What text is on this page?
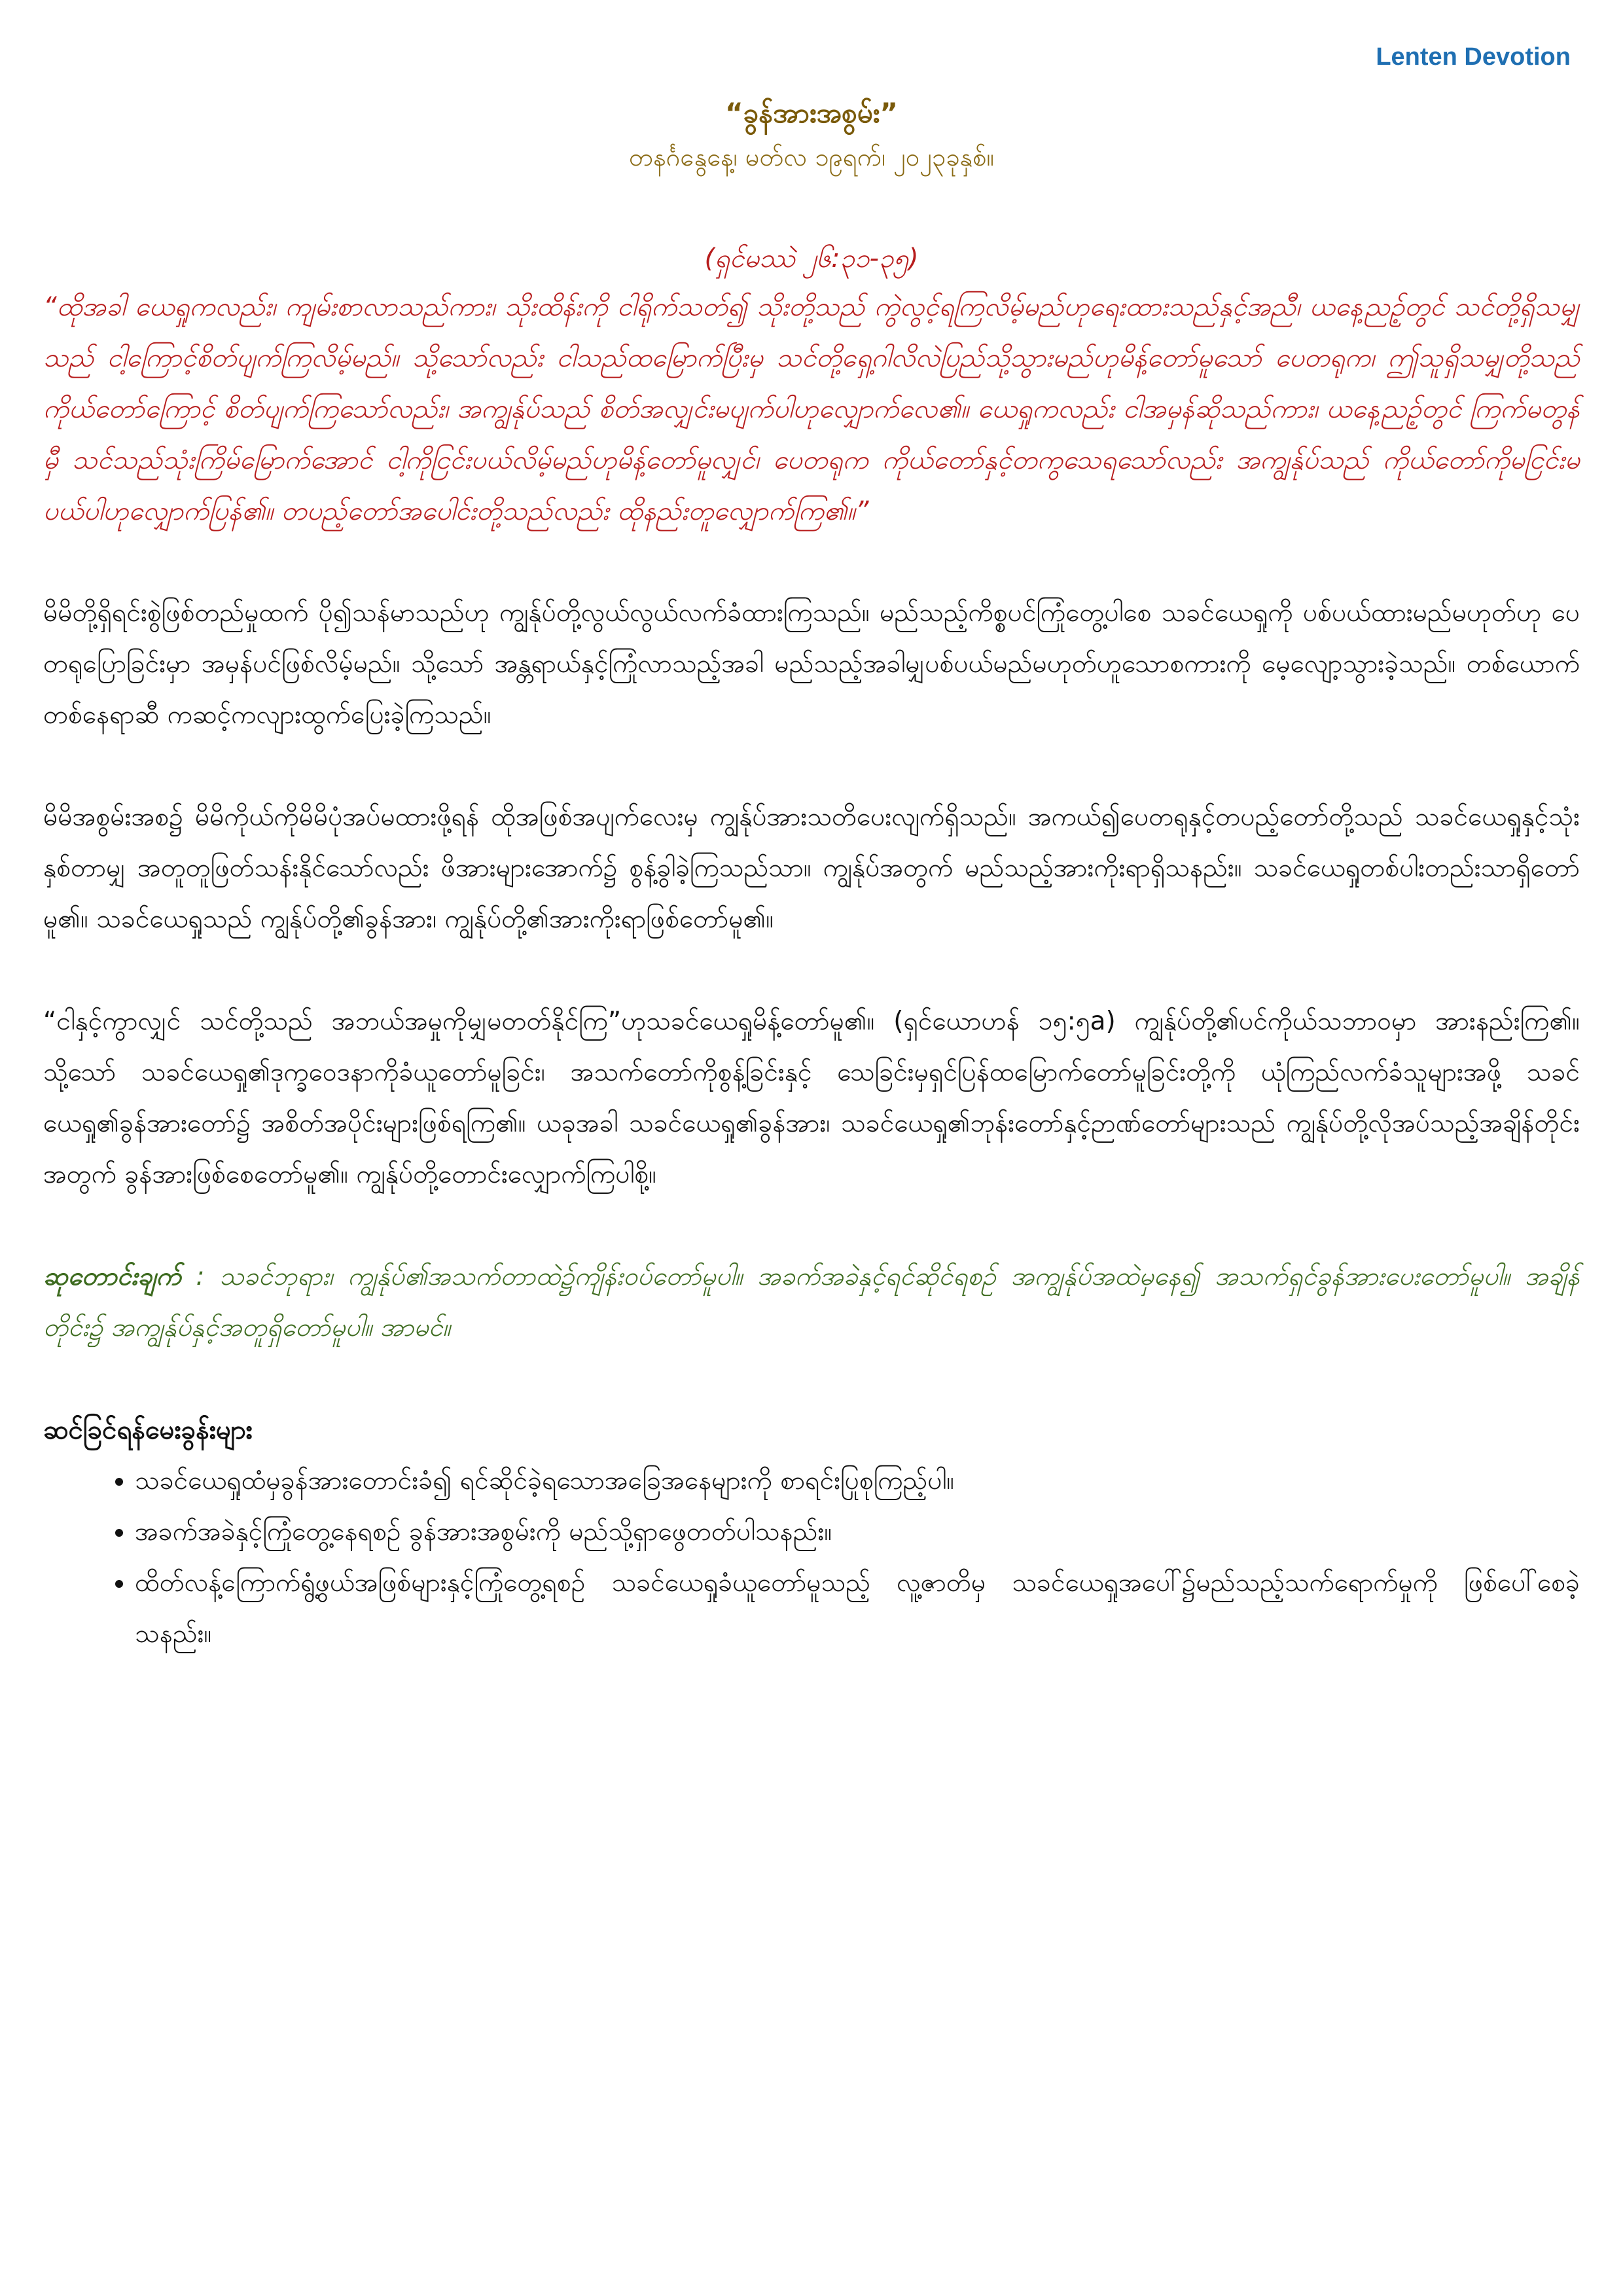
Lenten Devotion

“ခွန်အားအစွမ်း”

တနင်္ဂနွေနေ့၊ မတ်လ ၁၉ရက်၊ ၂၀၂၃ခုနှစ်။

(ရှင်မဿဲ ၂၆:၃၁-၃၅)

“ထိုအခါ ယေရှုကလည်း၊ ကျမ်းစာလာသည်ကား၊ သိုးထိန်းကို ငါရိုက်သတ်၍ သိုးတို့သည် ကွဲလွင့်ရကြလိမ့်မည်ဟုရေးထားသည်နှင့်အညီ၊ ယနေ့ညဉ့်တွင် သင်တို့ရှိသမျှသည် ငါ့ကြောင့်စိတ်ပျက်ကြလိမ့်မည်။ သို့သော်လည်း ငါသည်ထမြောက်ပြီးမှ သင်တို့ရှေ့ဂါလိလဲပြည်သို့သွားမည်ဟုမိန့်တော်မူသော် ပေတရုက၊ ဤသူရှိသမျှတို့သည် ကိုယ်တော်ကြောင့် စိတ်ပျက်ကြသော်လည်း၊ အကျွန်ုပ်သည် စိတ်အလျှင်းမပျက်ပါဟုလျှောက်လေ၏။ ယေရှုကလည်း ငါအမှန်ဆိုသည်ကား၊ ယနေ့ညဉ့်တွင် ကြက်မတွန်မှီ သင်သည်သုံးကြိမ်မြောက်အောင် ငါ့ကိုငြင်းပယ်လိမ့်မည်ဟုမိန့်တော်မူလျှင်၊ ပေတရုက ကိုယ်တော်နှင့်တကွသေရသော်လည်း အကျွန်ုပ်သည် ကိုယ်တော်ကိုမငြင်းမပယ်ပါဟုလျှောက်ပြန်၏။ တပည့်တော်အပေါင်းတို့သည်လည်း ထိုနည်းတူလျှောက်ကြ၏။”

မိမိတို့ရှိရင်းစွဲဖြစ်တည်မှုထက် ပို၍သန်မာသည်ဟု ကျွန်ုပ်တို့လွယ်လွယ်လက်ခံထားကြသည်။ မည်သည့်ကိစ္စပင်ကြုံတွေ့ပါစေ သခင်ယေရှုကို ပစ်ပယ်ထားမည်မဟုတ်ဟု ပေတရုပြောခြင်းမှာ အမှန်ပင်ဖြစ်လိမ့်မည်။ သို့သော် အန္တရာယ်နှင့်ကြုံလာသည့်အခါ မည်သည့်အခါမျှပစ်ပယ်မည်မဟုတ်ဟူသောစကားကို မေ့လျော့သွားခဲ့သည်။ တစ်ယောက်တစ်နေရာဆီ ကဆင့်ကလျားထွက်ပြေးခဲ့ကြသည်။

မိမိအစွမ်းအစ၌ မိမိကိုယ်ကိုမိမိပုံအပ်မထားဖို့ရန် ထိုအဖြစ်အပျက်လေးမှ ကျွန်ုပ်အားသတိပေးလျက်ရှိသည်။ အကယ်၍ပေတရုနှင့်တပည့်တော်တို့သည် သခင်ယေရှုနှင့်သုံးနှစ်တာမျှ အတူတူဖြတ်သန်းနိုင်သော်လည်း ဖိအားများအောက်၌ စွန့်ခွါခဲ့ကြသည်သာ။ ကျွန်ုပ်အတွက် မည်သည့်အားကိုးရာရှိသနည်း။ သခင်ယေရှုတစ်ပါးတည်းသာရှိတော်မူ၏။ သခင်ယေရှုသည် ကျွန်ုပ်တို့၏ခွန်အား၊ ကျွန်ုပ်တို့၏အားကိုးရာဖြစ်တော်မူ၏။

“ငါနှင့်ကွာလျှင် သင်တို့သည် အဘယ်အမှုကိုမျှမတတ်နိုင်ကြ”ဟုသခင်ယေရှုမိန့်တော်မူ၏။ (ရှင်ယောဟန် ၁၅:၅a) ကျွန်ုပ်တို့၏ပင်ကိုယ်သဘာဝမှာ အားနည်းကြ၏။ သို့သော် သခင်ယေရှု၏ဒုက္ခဝေဒနာကိုခံယူတော်မူခြင်း၊ အသက်တော်ကိုစွန့်ခြင်းနှင့် သေခြင်းမှရှင်ပြန်ထမြောက်တော်မူခြင်းတို့ကို ယုံကြည်လက်ခံသူများအဖို့ သခင်ယေရှု၏ခွန်အားတော်၌ အစိတ်အပိုင်းများဖြစ်ရကြ၏။ ယခုအခါ သခင်ယေရှု၏ခွန်အား၊ သခင်ယေရှု၏ဘုန်းတော်နှင့်ဉာဏ်တော်များသည် ကျွန်ုပ်တို့လိုအပ်သည့်အချိန်တိုင်းအတွက် ခွန်အားဖြစ်စေတော်မူ၏။ ကျွန်ုပ်တို့တောင်းလျှောက်ကြပါစို့။

ဆုတောင်းချက် : သခင်ဘုရား၊ ကျွန်ုပ်၏အသက်တာထဲ၌ကျိန်းဝပ်တော်မူပါ။ အခက်အခဲနှင့်ရင်ဆိုင်ရစဉ် အကျွန်ုပ်အထဲမှနေ၍ အသက်ရှင်ခွန်အားပေးတော်မူပါ။ အချိန်တိုင်း၌ အကျွန်ုပ်နှင့်အတူရှိတော်မူပါ။ အာမင်။

ဆင်ခြင်ရန်မေးခွန်းများ

• သခင်ယေရှုထံမှခွန်အားတောင်းခံ၍ ရင်ဆိုင်ခဲ့ရသောအခြေအနေများကို စာရင်းပြုစုကြည့်ပါ။
• အခက်အခဲနှင့်ကြုံတွေ့နေရစဉ် ခွန်အားအစွမ်းကို မည်သို့ရှာဖွေတတ်ပါသနည်း။
• ထိတ်လန့်ကြောက်ရွံ့ဖွယ်အဖြစ်များနှင့်ကြုံတွေ့ရစဉ် သခင်ယေရှုခံယူတော်မူသည့် လူ့ဇာတိမှ သခင်ယေရှုအပေါ်၌မည်သည့်သက်ရောက်မှုကို ဖြစ်ပေါ်စေခဲ့သနည်း။
